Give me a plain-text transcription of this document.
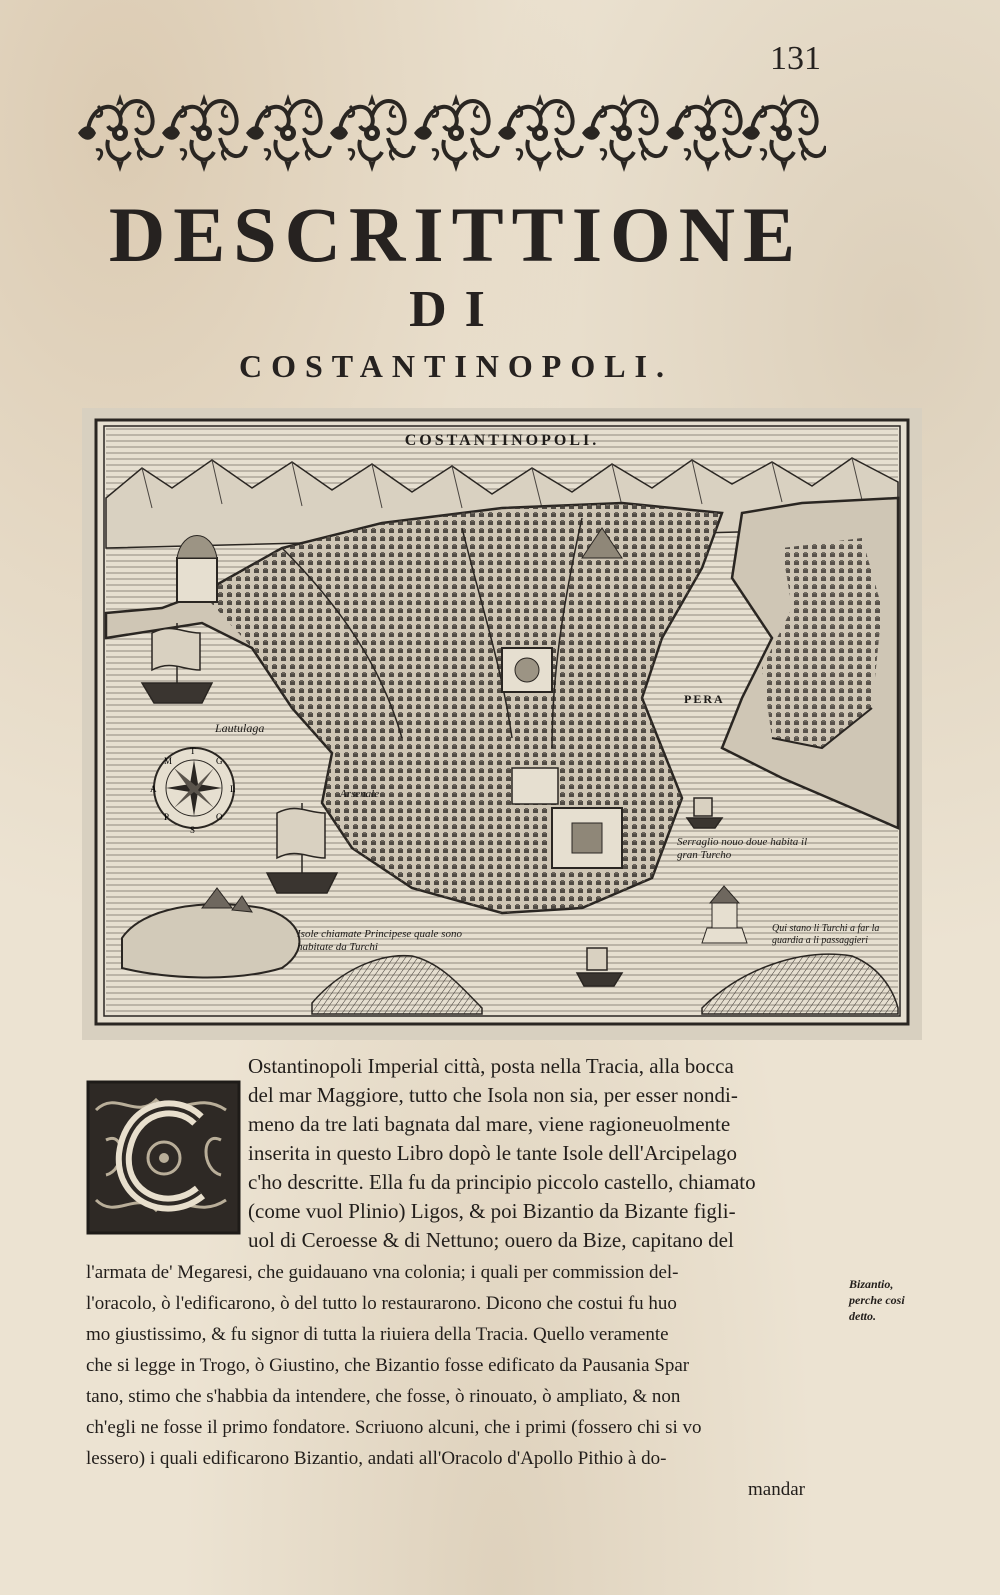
131
DESCRITTIONE
DI
COSTANTINOPOLI.
COSTANTINOPOLI.
T
G
L
O
S
P
A
M
PERA
Lautulaga
Arsenale
Serraglio nouo doue habita il gran Turcho
Isole chiamate Principese quale sono habitate da Turchi
Qui stano li Turchi a far la guardia a li passaggieri
Ostantinopoli Imperial città, posta nella Tracia, alla bocca
del mar Maggiore, tutto che Isola non sia, per esser nondi-
meno da tre lati bagnata dal mare, viene ragioneuolmente
inserita in questo Libro dopò le tante Isole dell'Arcipelago
c'ho descritte. Ella fu da principio piccolo castello, chiamato
(come vuol Plinio) Ligos, & poi Bizantio da Bizante figli-
uol di Ceroesse & di Nettuno; ouero da Bize, capitano del
l'armata de' Megaresi, che guidauano vna colonia; i quali per commission del-
l'oracolo, ò l'edificarono, ò del tutto lo restaurarono. Dicono che costui fu huo
mo giustissimo, & fu signor di tutta la riuiera della Tracia. Quello veramente
che si legge in Trogo, ò Giustino, che Bizantio fosse edificato da Pausania Spar
tano, stimo che s'habbia da intendere, che fosse, ò rinouato, ò ampliato, & non
ch'egli ne fosse il primo fondatore. Scriuono alcuni, che i primi (fossero chi si vo
lessero) i quali edificarono Bizantio, andati all'Oracolo d'Apollo Pithio à do-
mandar
Bizantio,
perche cosi
detto.
